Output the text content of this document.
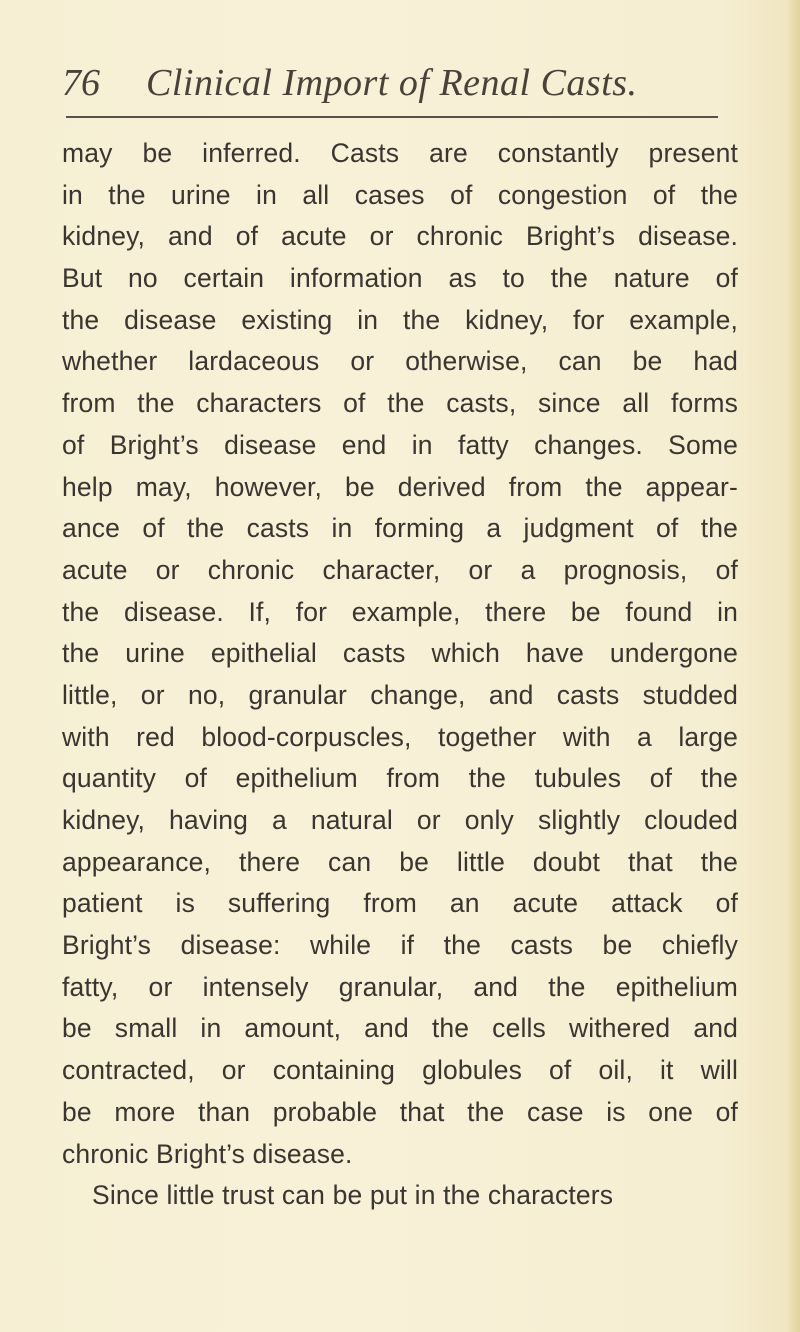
76 Clinical Import of Renal Casts.
may be inferred. Casts are constantly present
in the urine in all cases of congestion of the
kidney, and of acute or chronic Bright’s disease.
But no certain information as to the nature of
the disease existing in the kidney, for example,
whether lardaceous or otherwise, can be had
from the characters of the casts, since all forms
of Bright’s disease end in fatty changes. Some
help may, however, be derived from the appear-
ance of the casts in forming a judgment of the
acute or chronic character, or a prognosis, of
the disease. If, for example, there be found in
the urine epithelial casts which have undergone
little, or no, granular change, and casts studded
with red blood-corpuscles, together with a large
quantity of epithelium from the tubules of the
kidney, having a natural or only slightly clouded
appearance, there can be little doubt that the
patient is suffering from an acute attack of
Bright’s disease: while if the casts be chiefly
fatty, or intensely granular, and the epithelium
be small in amount, and the cells withered and
contracted, or containing globules of oil, it will
be more than probable that the case is one of
chronic Bright’s disease.
Since little trust can be put in the characters
